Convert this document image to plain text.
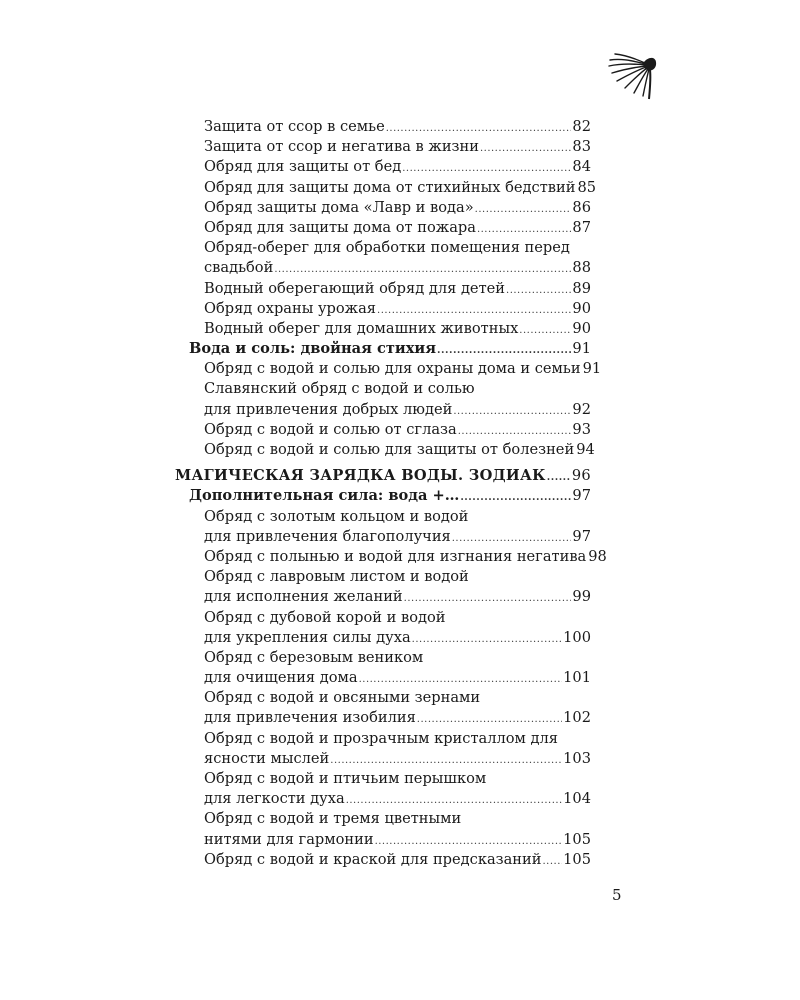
Защита от ссор в семье .....	82
Защита от ссор и негатива в жизни .....	83
Обряд для защиты от бед .....	84
Обряд для защиты дома от стихийных бедствий 85
Обряд защиты дома «Лавр и вода» .....	86
Обряд для защиты дома от пожара .....	87
Обряд-оберег для обработки помещения перед
свадьбой .....	88
Водный оберегающий обряд для детей .....	89
Обряд охраны урожая .....	90
Водный оберег для домашних животных .....	90
Вода и соль: двойная стихия .....	91
Обряд с водой и солью для охраны дома и семьи 91
Славянский обряд с водой и солью
для привлечения добрых людей .....	92
Обряд с водой и солью от сглаза .....	93
Обряд с водой и солью для защиты от болезней 94
МАГИЧЕСКАЯ ЗАРЯДКА ВОДЫ. ЗОДИАК ..... 96
Дополнительная сила: вода +… .....	97
Обряд с золотым кольцом и водой
для привлечения благополучия .....	97
Обряд с полынью и водой для изгнания негатива 98
Обряд с лавровым листом и водой
для исполнения желаний .....	99
Обряд с дубовой корой и водой
для укрепления силы духа .....	100
Обряд с березовым веником
для очищения дома .....	101
Обряд с водой и овсяными зернами
для привлечения изобилия .....	102
Обряд с водой и прозрачным кристаллом для
ясности мыслей .....	103
Обряд с водой и птичьим перышком
для легкости духа .....	104
Обряд с водой и тремя цветными
нитями для гармонии .....	105
Обряд с водой и краской для предсказаний ..... 105
5
